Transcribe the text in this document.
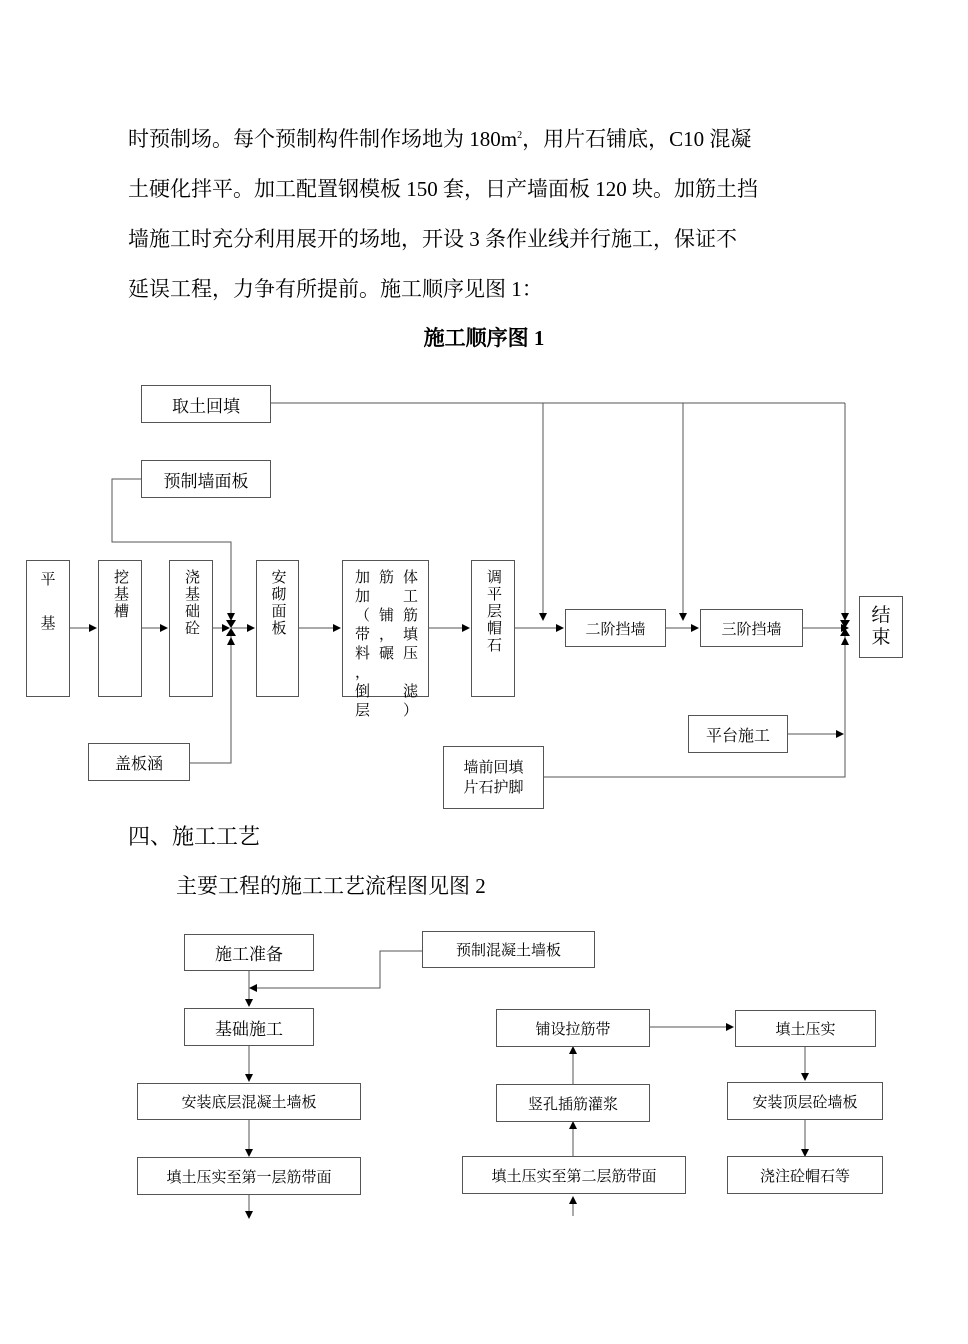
时预制场。每个预制构件制作场地为 $180m^2$，用片石铺底，C10 混凝

土硬化拌平。加工配置钢模板 150 套，日产墙面板 120 块。加筋土挡

墙施工时充分利用展开的场地，开设 3 条作业线并行施工，保证不

延误工程，力争有所提前。施工顺序见图 1：

施工顺序图 1
取土回填
预制墙面板
平

基
挖基槽	浇基础砼	安砌面板	加 筋 体
加 工
（ 铺 筋
带 ， 填
料 碾 压 ，
倒 滤
层）
调平层帽石	二阶挡墙	三阶挡墙
结
束
盖板涵
平台施工
墙前回填
片石护脚
四、施工工艺
主要工程的施工工艺流程图见图 2
施工准备	预制混凝土墙板
基础施工
安装底层混凝土墙板
填土压实至第一层筋带面
铺设拉筋带
竖孔插筋灌浆
填土压实至第二层筋带面
填土压实
安装顶层砼墙板
浇注砼帽石等
